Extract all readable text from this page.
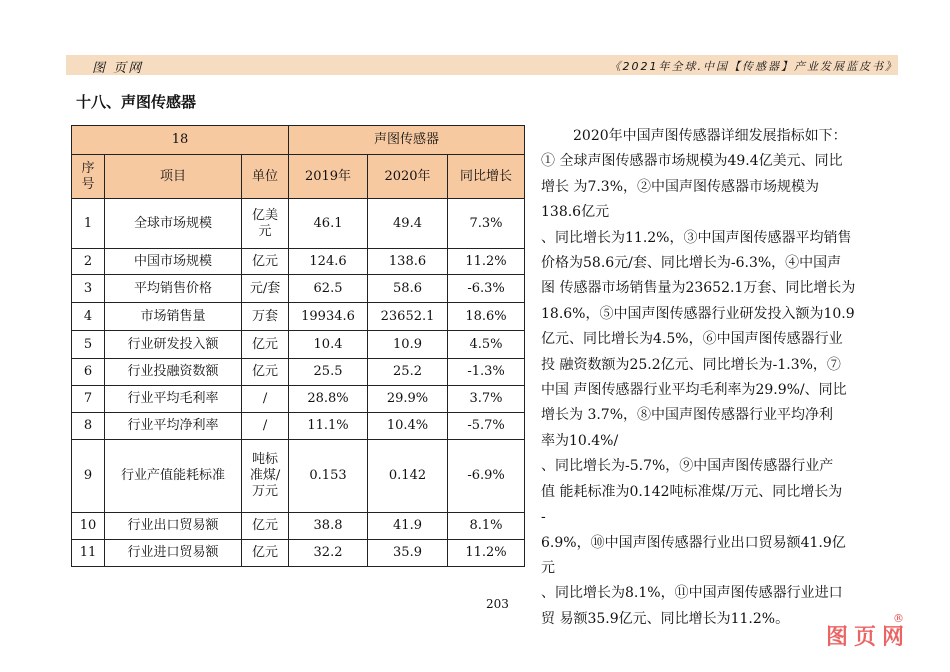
图 页网	《2021年全球.中国【传感器】产业发展蓝皮书》
十八、声图传感器
18			声图传感器		
序号	项目	单位	2019年	2020年	同比增长
1	全球市场规模	亿美元	46.1	49.4	7.3%
2	中国市场规模	亿元	124.6	138.6	11.2%
3	平均销售价格	元/套	62.5	58.6	-6.3%
4	市场销售量	万套	19934.6	23652.1	18.6%
5	行业研发投入额	亿元	10.4	10.9	4.5%
6	行业投融资数额	亿元	25.5	25.2	-1.3%
7	行业平均毛利率	/	28.8%	29.9%	3.7%
8	行业平均净利率	/	11.1%	10.4%	-5.7%
9	行业产值能耗标准	吨标准煤/万元	0.153	0.142	-6.9%
10	行业出口贸易额	亿元	38.8	41.9	8.1%
11	行业进口贸易额	亿元	32.2	35.9	11.2%
203

2020年中国声图传感器详细发展指标如下：

① 全球声图传感器市场规模为49.4亿美元、同比

增长 为7.3%，②中国声图传感器市场规模为

138.6亿元

、同比增长为11.2%，③中国声图传感器平均销售

价格为58.6元/套、同比增长为-6.3%，④中国声

图 传感器市场销售量为23652.1万套、同比增长为

18.6%，⑤中国声图传感器行业研发投入额为10.9

亿元、同比增长为4.5%，⑥中国声图传感器行业

投 融资数额为25.2亿元、同比增长为-1.3%，⑦

中国 声图传感器行业平均毛利率为29.9%/、同比

增长为 3.7%，⑧中国声图传感器行业平均净利

率为10.4%/

、同比增长为-5.7%，⑨中国声图传感器行业产

值 能耗标准为0.142吨标准煤/万元、同比增长为

-

6.9%，⑩中国声图传感器行业出口贸易额41.9亿

元

、同比增长为8.1%，⑪中国声图传感器行业进口

贸 易额35.9亿元、同比增长为11.2%。

图页网
®
